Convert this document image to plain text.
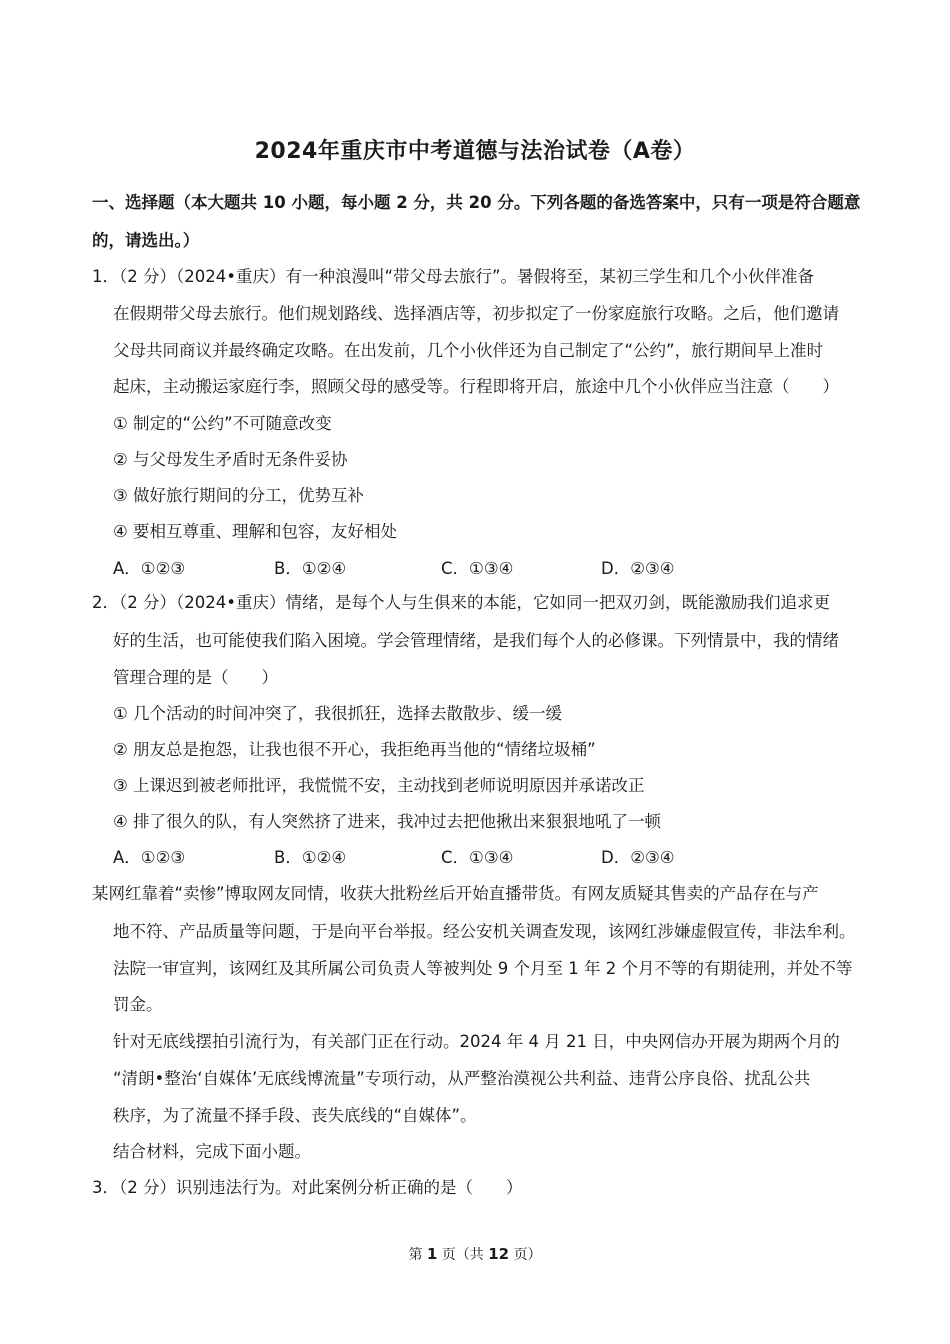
2024年重庆市中考道德与法治试卷（A卷）
一、选择题（本大题共 10 小题，每小题 2 分，共 20 分。下列各题的备选答案中，只有一项是符合题意
的，请选出。）
1．（2 分）（2024•重庆）有一种浪漫叫“带父母去旅行”。暑假将至，某初三学生和几个小伙伴准备
在假期带父母去旅行。他们规划路线、选择酒店等，初步拟定了一份家庭旅行攻略。之后，他们邀请
父母共同商议并最终确定攻略。在出发前，几个小伙伴还为自己制定了“公约”，旅行期间早上准时
起床，主动搬运家庭行李，照顾父母的感受等。行程即将开启，旅途中几个小伙伴应当注意（　　）
① 制定的“公约”不可随意改变
② 与父母发生矛盾时无条件妥协
③ 做好旅行期间的分工，优势互补
④ 要相互尊重、理解和包容，友好相处
A．①②③	B．①②④	C．①③④	D．②③④
2．（2 分）（2024•重庆）情绪，是每个人与生俱来的本能，它如同一把双刃剑，既能激励我们追求更
好的生活，也可能使我们陷入困境。学会管理情绪，是我们每个人的必修课。下列情景中，我的情绪
管理合理的是（　　）
① 几个活动的时间冲突了，我很抓狂，选择去散散步、缓一缓
② 朋友总是抱怨，让我也很不开心，我拒绝再当他的“情绪垃圾桶”
③ 上课迟到被老师批评，我慌慌不安，主动找到老师说明原因并承诺改正
④ 排了很久的队，有人突然挤了进来，我冲过去把他揪出来狠狠地吼了一顿
A．①②③	B．①②④	C．①③④	D．②③④
某网红靠着“卖惨”博取网友同情，收获大批粉丝后开始直播带货。有网友质疑其售卖的产品存在与产
地不符、产品质量等问题，于是向平台举报。经公安机关调查发现，该网红涉嫌虚假宣传，非法牟利。
法院一审宣判，该网红及其所属公司负责人等被判处 9 个月至 1 年 2 个月不等的有期徒刑，并处不等
罚金。
针对无底线摆拍引流行为，有关部门正在行动。2024 年 4 月 21 日，中央网信办开展为期两个月的
“清朗•整治‘自媒体’无底线博流量”专项行动，从严整治漠视公共利益、违背公序良俗、扰乱公共
秩序，为了流量不择手段、丧失底线的“自媒体”。
结合材料，完成下面小题。
3．（2 分）识别违法行为。对此案例分析正确的是（　　）
第 1 页（共 12 页）
